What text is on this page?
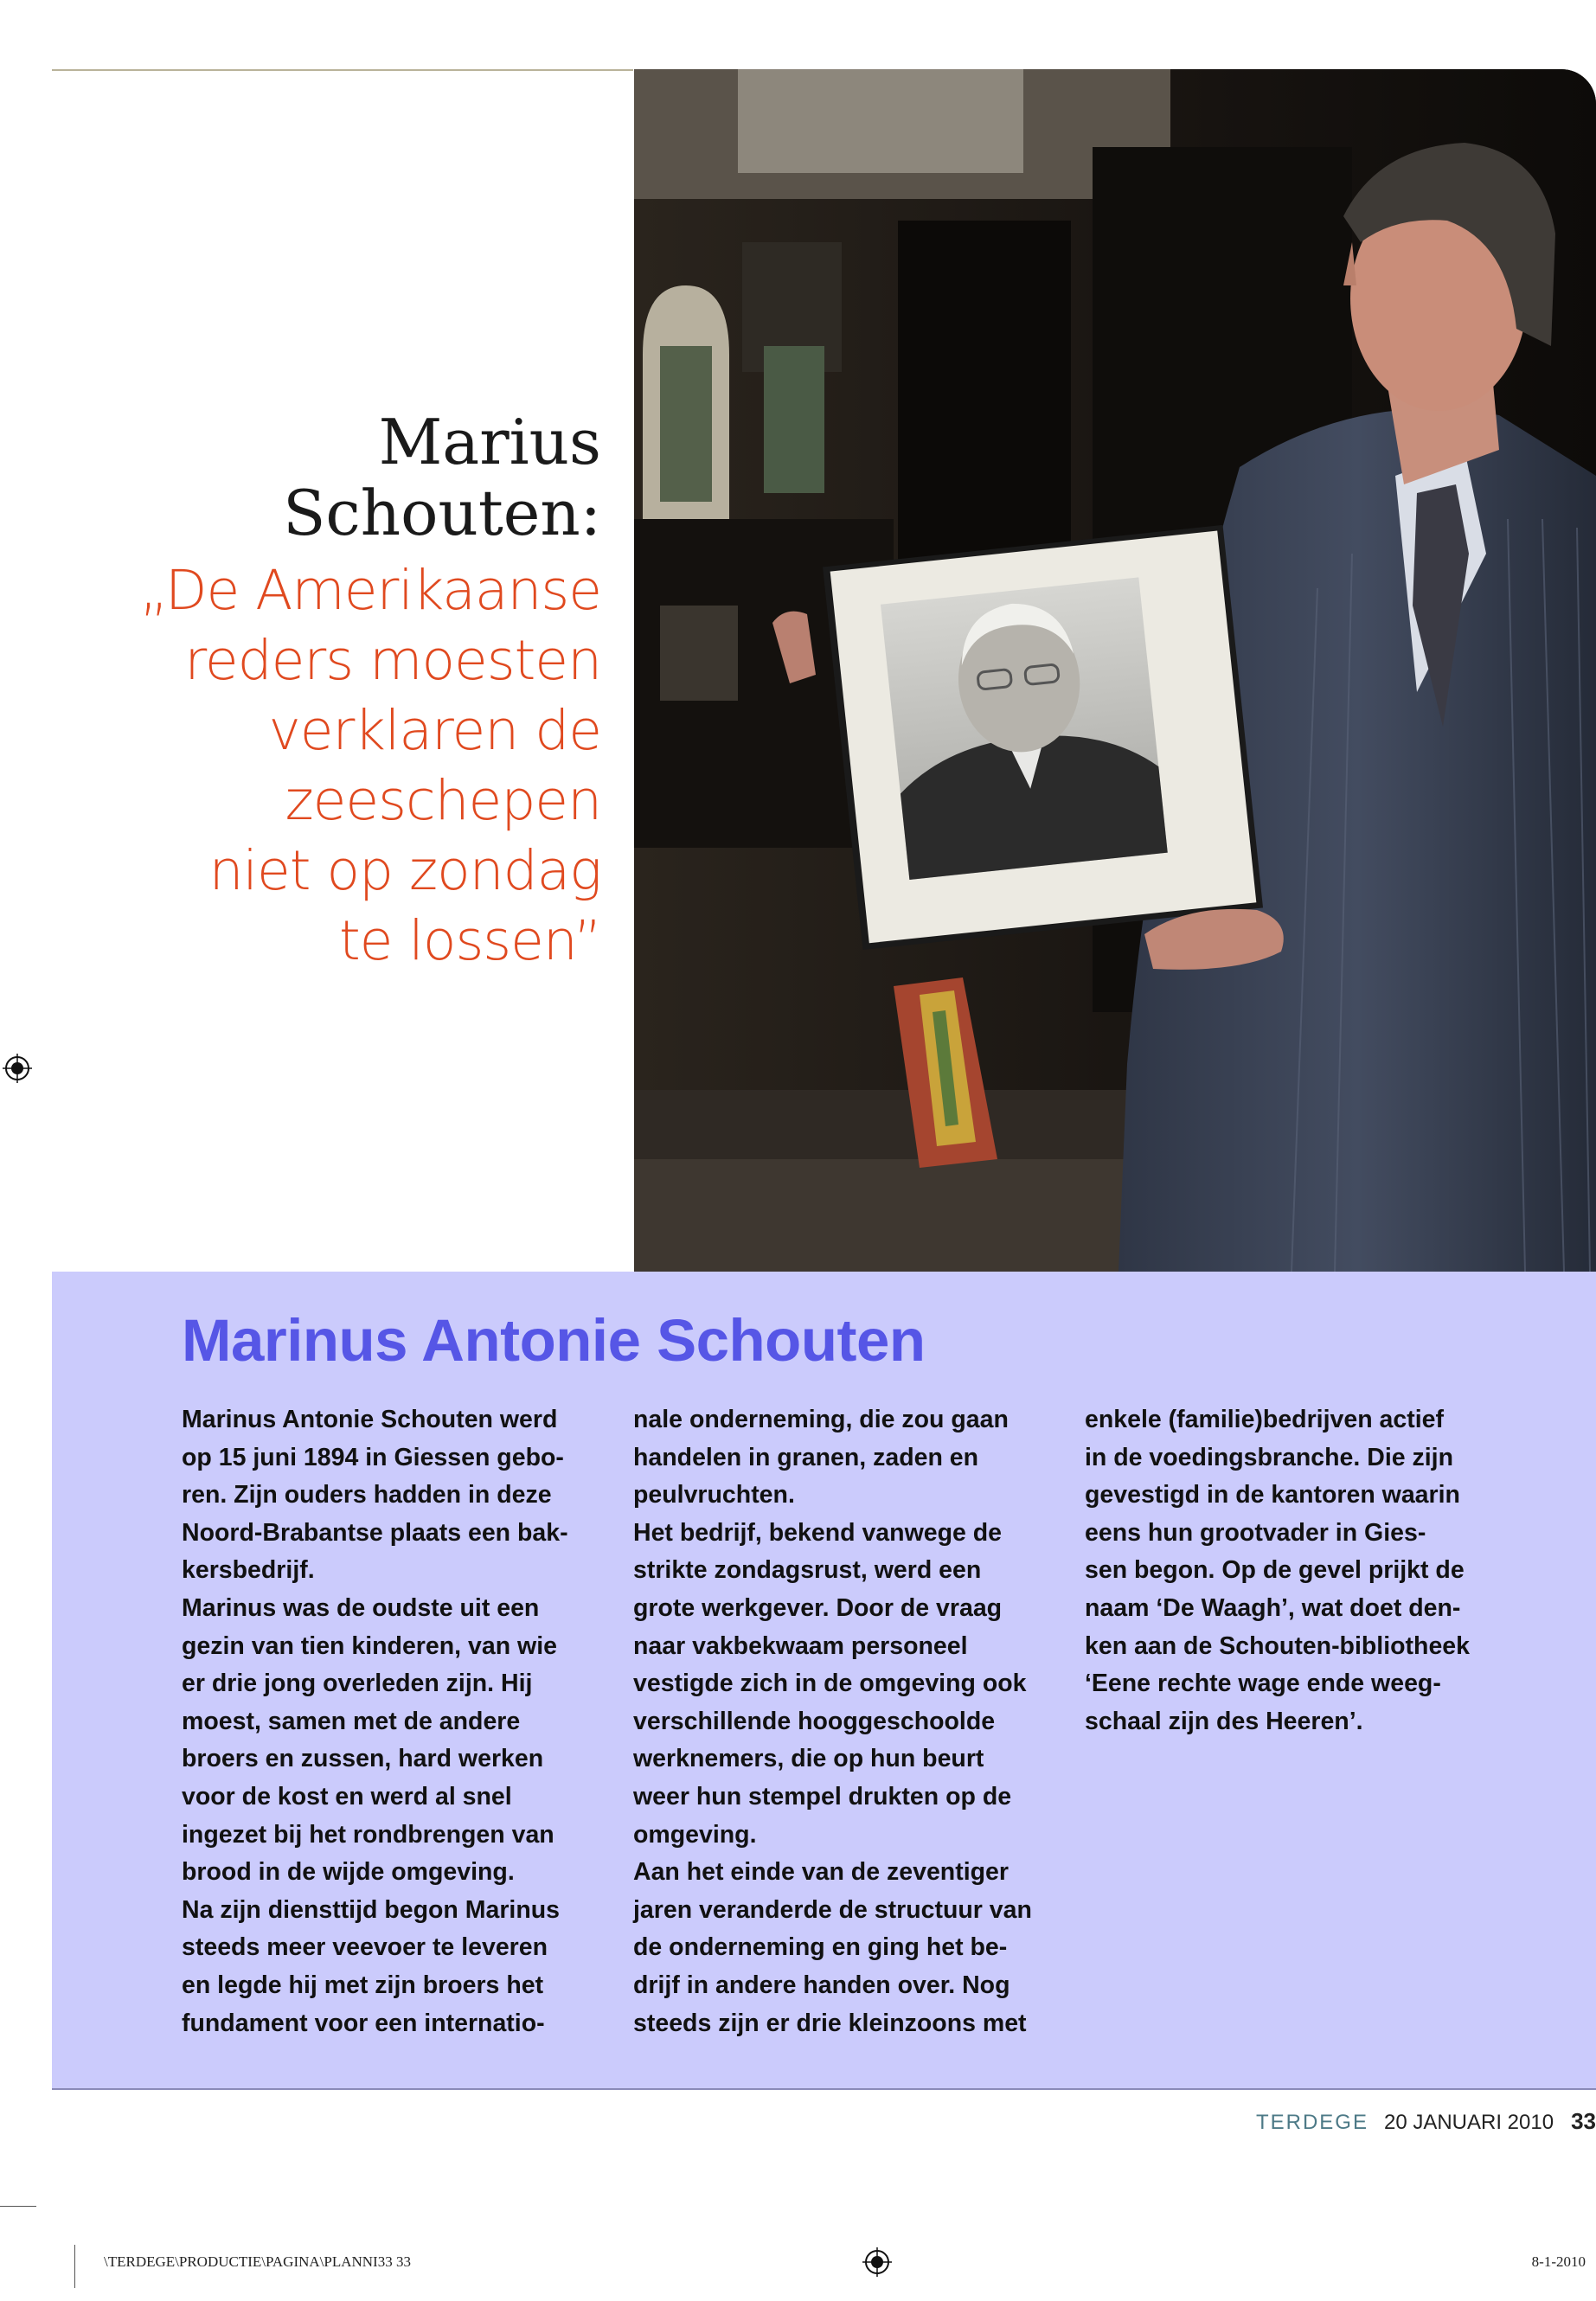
Marius
Schouten:

„De Amerikaanse
reders moesten
verklaren de
zeeschepen
niet op zondag
te lossen”

Marinus Antonie Schouten

Marinus Antonie Schouten werd

op 15 juni 1894 in Giessen gebo-

ren. Zijn ouders hadden in deze

Noord-Brabantse plaats een bak-

kersbedrijf.

Marinus was de oudste uit een

gezin van tien kinderen, van wie

er drie jong overleden zijn. Hij

moest, samen met de andere

broers en zussen, hard werken

voor de kost en werd al snel

ingezet bij het rondbrengen van

brood in de wijde omgeving.

Na zijn diensttijd begon Marinus

steeds meer veevoer te leveren

en legde hij met zijn broers het

fundament voor een internatio-

nale onderneming, die zou gaan

handelen in granen, zaden en

peulvruchten.

Het bedrijf, bekend vanwege de

strikte zondagsrust, werd een

grote werkgever. Door de vraag

naar vakbekwaam personeel

vestigde zich in de omgeving ook

verschillende hooggeschoolde

werknemers, die op hun beurt

weer hun stempel drukten op de

omgeving.

Aan het einde van de zeventiger

jaren veranderde de structuur van

de onderneming en ging het be-

drijf in andere handen over. Nog

steeds zijn er drie kleinzoons met

enkele (familie)bedrijven actief

in de voedingsbranche. Die zijn

gevestigd in de kantoren waarin

eens hun grootvader in Gies-

sen begon. Op de gevel prijkt de

naam ‘De Waagh’, wat doet den-

ken aan de Schouten-bibliotheek

‘Eene rechte wage ende weeg-

schaal zijn des Heeren’.

TERDEGE 20 JANUARI 2010 33
\TERDEGE\PRODUCTIE\PAGINA\PLANNI33 33	8-1-2010
